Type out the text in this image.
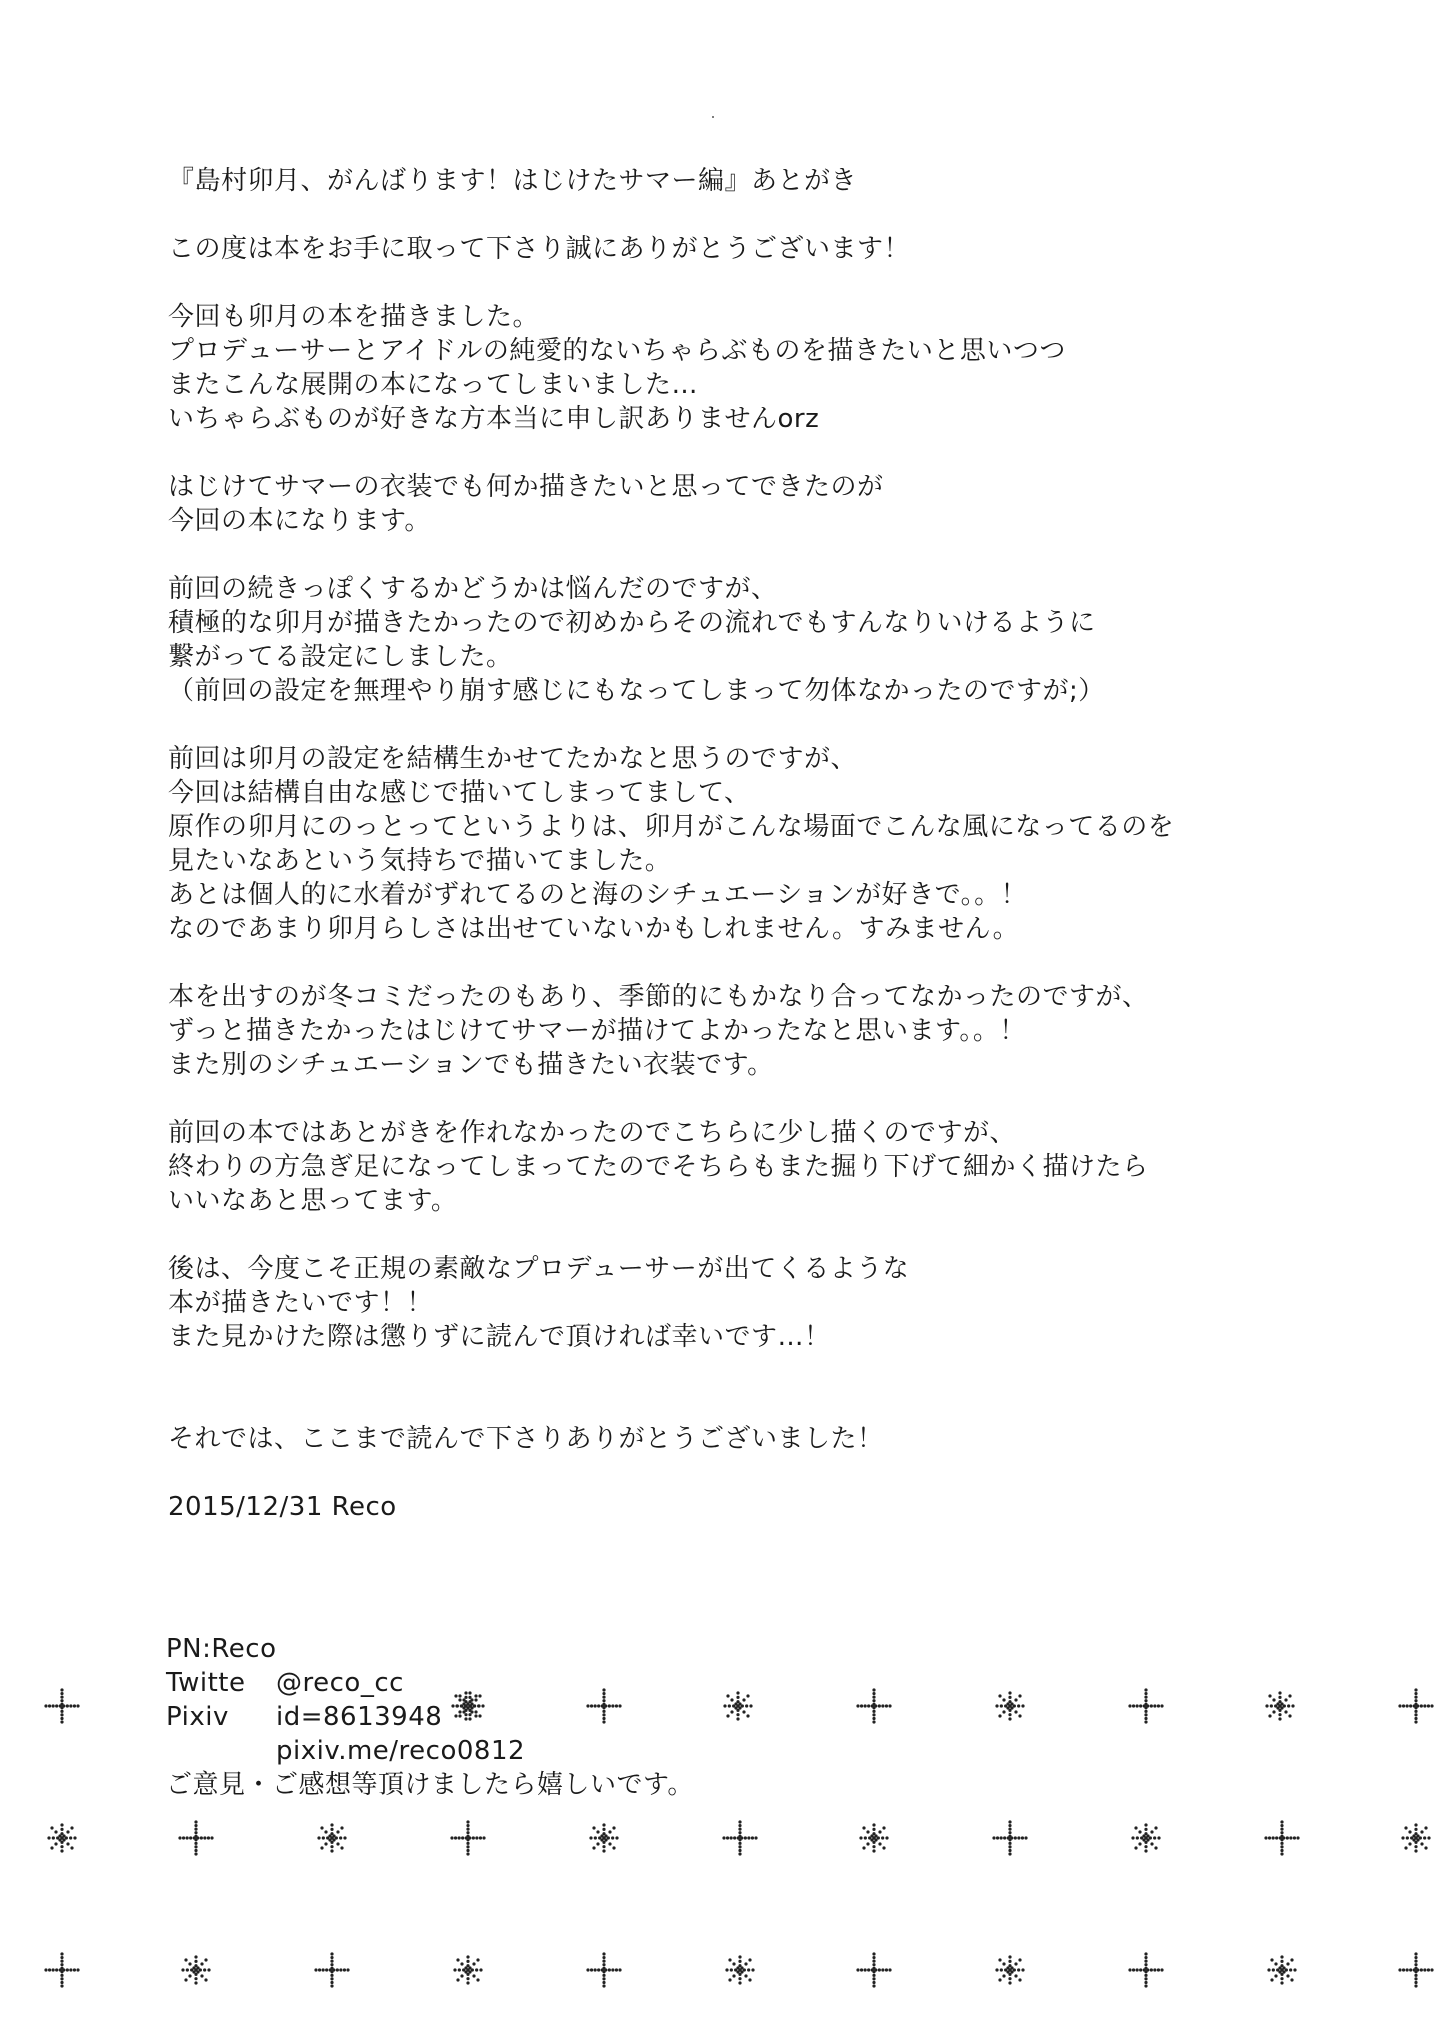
『島村卯月、がんばります！はじけたサマー編』あとがき
この度は本をお手に取って下さり誠にありがとうございます！
今回も卯月の本を描きました。
プロデューサーとアイドルの純愛的ないちゃらぶものを描きたいと思いつつ
またこんな展開の本になってしまいました…
いちゃらぶものが好きな方本当に申し訳ありませんorz
はじけてサマーの衣装でも何か描きたいと思ってできたのが
今回の本になります。
前回の続きっぽくするかどうかは悩んだのですが、
積極的な卯月が描きたかったので初めからその流れでもすんなりいけるように
繋がってる設定にしました。
（前回の設定を無理やり崩す感じにもなってしまって勿体なかったのですが;）
前回は卯月の設定を結構生かせてたかなと思うのですが、
今回は結構自由な感じで描いてしまってまして、
原作の卯月にのっとってというよりは、卯月がこんな場面でこんな風になってるのを
見たいなあという気持ちで描いてました。
あとは個人的に水着がずれてるのと海のシチュエーションが好きで。。！
なのであまり卯月らしさは出せていないかもしれません。すみません。
本を出すのが冬コミだったのもあり、季節的にもかなり合ってなかったのですが、
ずっと描きたかったはじけてサマーが描けてよかったなと思います。。！
また別のシチュエーションでも描きたい衣装です。
前回の本ではあとがきを作れなかったのでこちらに少し描くのですが、
終わりの方急ぎ足になってしまってたのでそちらもまた掘り下げて細かく描けたら
いいなあと思ってます。
後は、今度こそ正規の素敵なプロデューサーが出てくるような
本が描きたいです！！
また見かけた際は懲りずに読んで頂ければ幸いです…！
それでは、ここまで読んで下さりありがとうございました！
2015/12/31 Reco
PN:Reco
Twitte @reco_cc
Pixiv id=8613948
pixiv.me/reco0812
ご意見・ご感想等頂けましたら嬉しいです。
